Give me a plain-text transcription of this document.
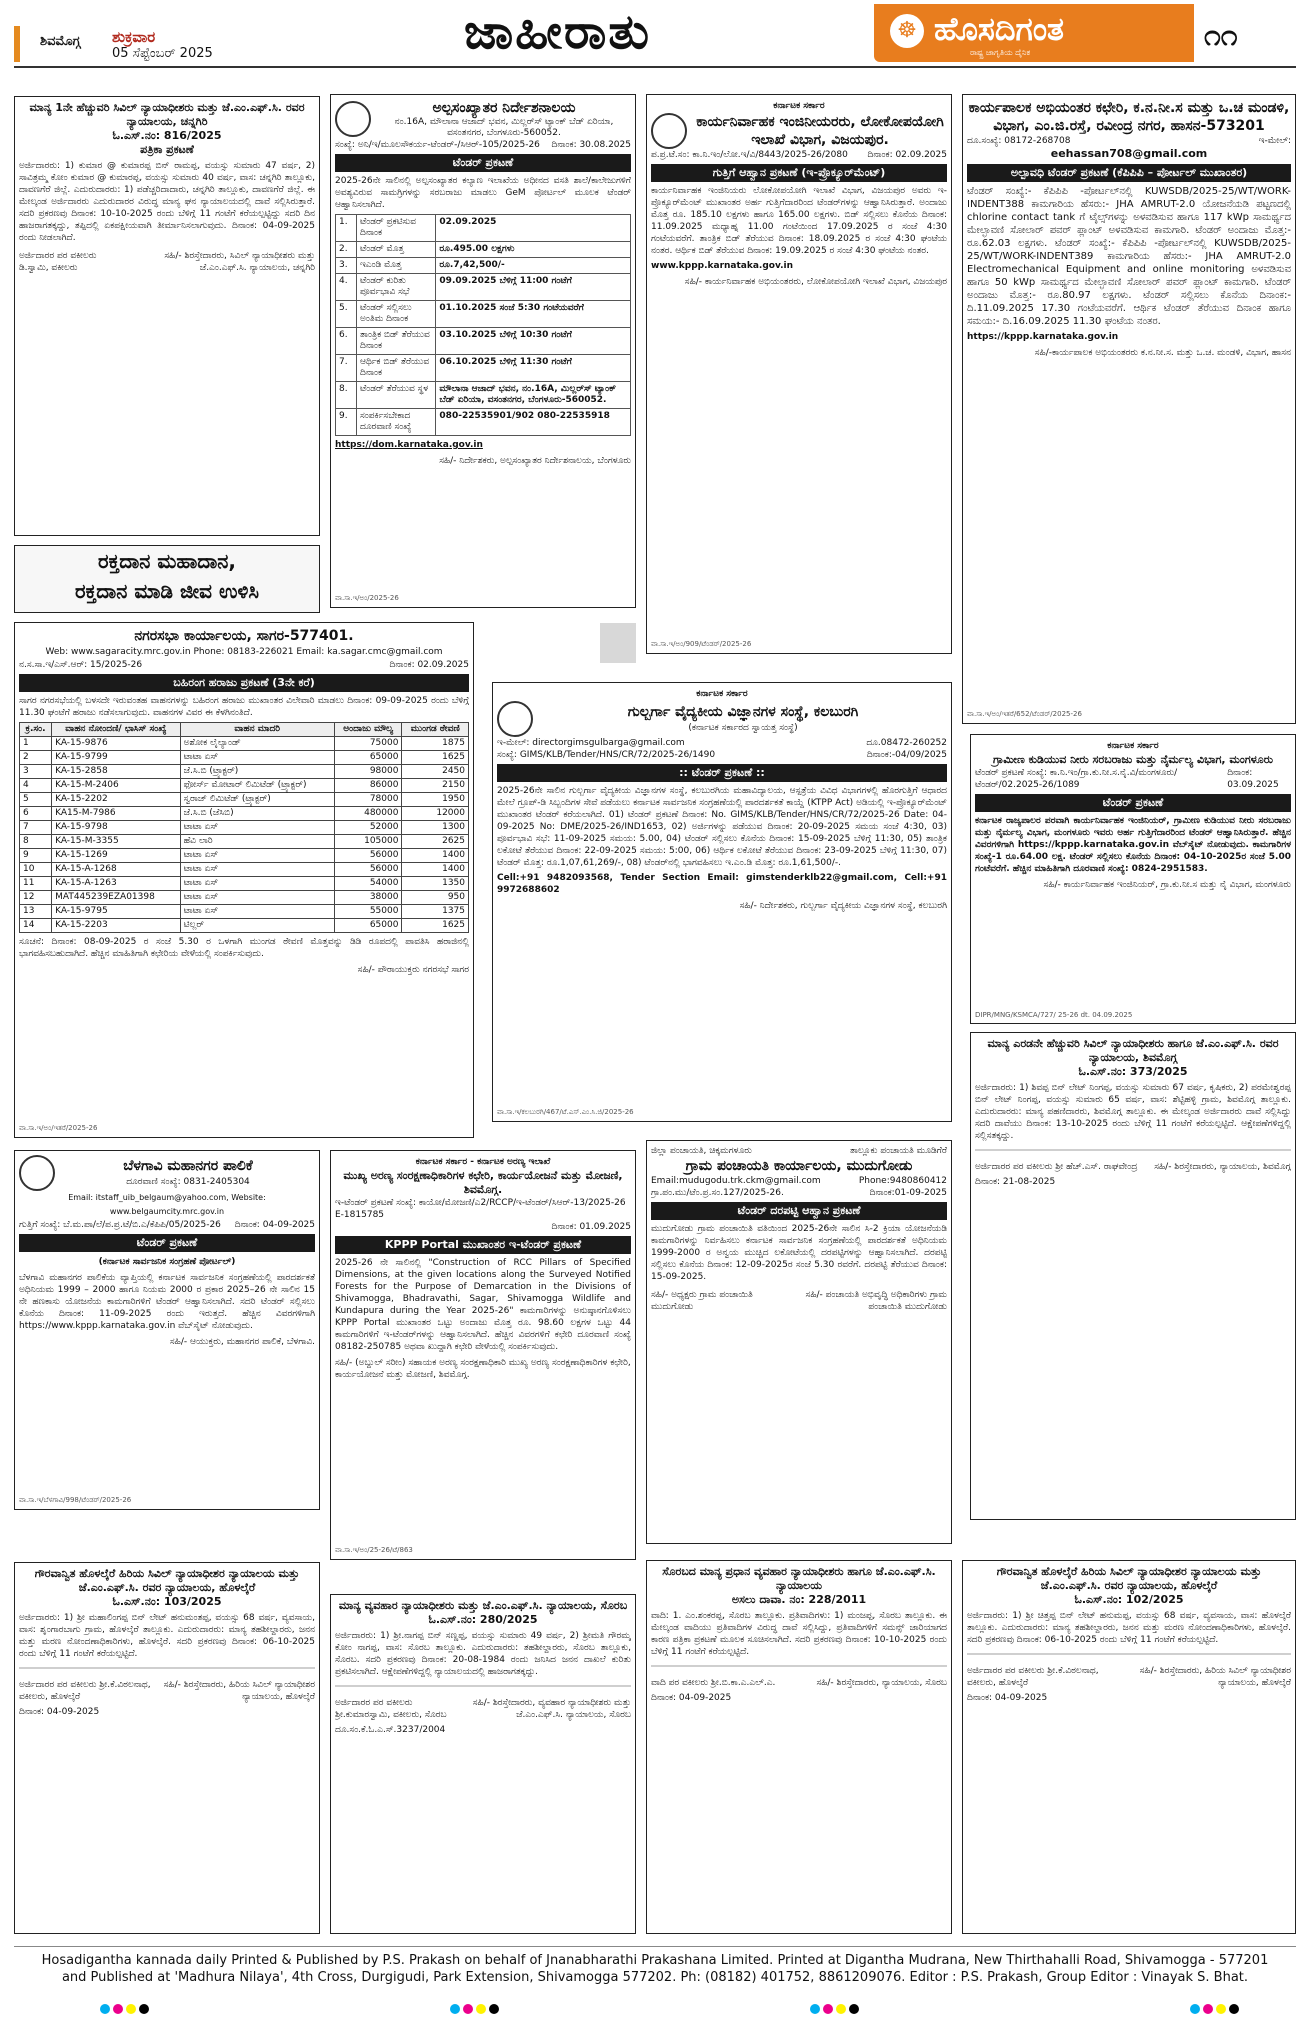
ಶಿವಮೊಗ್ಗ ಶುಕ್ರವಾರ
05 ಸೆಪ್ಟೆಂಬರ್ 2025	ಜಾಹೀರಾತು	☸ ಹೊಸದಿಗಂತ
ರಾಷ್ಟ್ರ ಜಾಗೃತಿಯ ದೈನಿಕ	೧೧
ಮಾನ್ಯ 1ನೇ ಹೆಚ್ಚುವರಿ ಸಿವಿಲ್ ನ್ಯಾಯಾಧೀಶರು ಮತ್ತು ಜೆ.ಎಂ.ಎಫ್.ಸಿ. ರವರ ನ್ಯಾಯಾಲಯ, ಚನ್ನಗಿರಿ
ಓ.ಎಸ್.ನಂ: 816/2025
ಪತ್ರಿಕಾ ಪ್ರಕಟಣೆ
ಅರ್ಜಿದಾರರು: 1) ಕುಮಾರ @ ಕುಮಾರಪ್ಪ ಬಿನ್ ರಾಮಪ್ಪ, ವಯಸ್ಸು ಸುಮಾರು 47 ವರ್ಷ, 2) ಸಾವಿತ್ರಮ್ಮ ಕೋಂ ಕುಮಾರ @ ಕುಮಾರಪ್ಪ, ವಯಸ್ಸು ಸುಮಾರು 40 ವರ್ಷ, ವಾಸ: ಚನ್ನಗಿರಿ ತಾಲ್ಲೂಕು, ದಾವಣಗೆರೆ ಜಿಲ್ಲೆ. ಎದುರುದಾರರು: 1) ಪಡೆಚ್ಚರಿದಾದಾರು, ಚನ್ನಗಿರಿ ತಾಲ್ಲೂಕು, ದಾವಣಗೆರೆ ಜಿಲ್ಲೆ. ಈ ಮೇಲ್ಕಂಡ ಅರ್ಜಿದಾರರು ಎದುರುದಾರರ ವಿರುದ್ಧ ಮಾನ್ಯ ಘನ ನ್ಯಾಯಾಲಯದಲ್ಲಿ ದಾವೆ ಸಲ್ಲಿಸಿರುತ್ತಾರೆ. ಸದರಿ ಪ್ರಕರಣವು ದಿನಾಂಕ: 10-10-2025 ರಂದು ಬೆಳಿಗ್ಗೆ 11 ಗಂಟೆಗೆ ಕರೆಯಲ್ಪಟ್ಟಿದ್ದು ಸದರಿ ದಿನ ಹಾಜರಾಗತಕ್ಕದ್ದು, ತಪ್ಪಿದಲ್ಲಿ ಏಕಪಕ್ಷೀಯವಾಗಿ ತೀರ್ಮಾನಿಸಲಾಗುವುದು. ದಿನಾಂಕ: 04-09-2025 ರಂದು ನೀಡಲಾಗಿದೆ.
ಅರ್ಜಿದಾರರ ಪರ ವಕೀಲರು ಡಿ.ಸ್ವಾಮಿ, ವಕೀಲರು
ಸಹಿ/- ಶಿರಸ್ತೇದಾರರು, ಸಿವಿಲ್ ನ್ಯಾಯಾಧೀಶರು ಮತ್ತು ಜೆ.ಎಂ.ಎಫ್.ಸಿ. ನ್ಯಾಯಾಲಯ, ಚನ್ನಗಿರಿ
ರಕ್ತದಾನ ಮಹಾದಾನ,
ರಕ್ತದಾನ ಮಾಡಿ ಜೀವ ಉಳಿಸಿ
ಅಲ್ಪಸಂಖ್ಯಾತರ ನಿರ್ದೇಶನಾಲಯ
ನಂ.16A, ಮೌಲಾನಾ ಆಜಾದ್ ಭವನ, ಮಿಲ್ಲರ್‌ಸ್ ಟ್ಯಾಂಕ್ ಬೆಡ್ ಏರಿಯಾ, ವಸಂತನಗರ, ಬೆಂಗಳೂರು-560052.
ಸಂಖ್ಯೆ: ಅನಿ/ಇ/ಮೂಲಸೌಕರ್ಯ-ಟೆಂಡರ್-/ಸಿಆರ್-105/2025-26 ದಿನಾಂಕ: 30.08.2025
ಟೆಂಡರ್ ಪ್ರಕಟಣೆ
2025-26ನೇ ಸಾಲಿನಲ್ಲಿ ಅಲ್ಪಸಂಖ್ಯಾತರ ಕಲ್ಯಾಣ ಇಲಾಖೆಯ ಅಧೀನದ ವಸತಿ ಶಾಲೆ/ಕಾಲೇಜುಗಳಿಗೆ ಅವಶ್ಯವಿರುವ ಸಾಮಗ್ರಿಗಳನ್ನು ಸರಬರಾಜು ಮಾಡಲು GeM ಪೋರ್ಟಲ್ ಮೂಲಕ ಟೆಂಡರ್ ಆಹ್ವಾನಿಸಲಾಗಿದೆ.
1.	ಟೆಂಡರ್ ಪ್ರಕಟಿಸುವ ದಿನಾಂಕ	02.09.2025
2.	ಟೆಂಡರ್ ಮೊತ್ತ	ರೂ.495.00 ಲಕ್ಷಗಳು
3.	ಇಎಂಡಿ ಮೊತ್ತ	ರೂ.7,42,500/-
4.	ಟೆಂಡರ್ ಕುರಿತು ಪೂರ್ವಭಾವಿ ಸಭೆ	09.09.2025 ಬೆಳಿಗ್ಗೆ 11:00 ಗಂಟೆಗೆ
5.	ಟೆಂಡರ್ ಸಲ್ಲಿಸಲು ಅಂತಿಮ ದಿನಾಂಕ	01.10.2025 ಸಂಜೆ 5:30 ಗಂಟೆಯವರೆಗೆ
6.	ತಾಂತ್ರಿಕ ಬಿಡ್ ತೆರೆಯುವ ದಿನಾಂಕ	03.10.2025 ಬೆಳಿಗ್ಗೆ 10:30 ಗಂಟೆಗೆ
7.	ಆರ್ಥಿಕ ಬಿಡ್ ತೆರೆಯುವ ದಿನಾಂಕ	06.10.2025 ಬೆಳಿಗ್ಗೆ 11:30 ಗಂಟೆಗೆ
8.	ಟೆಂಡರ್ ತೆರೆಯುವ ಸ್ಥಳ	ಮೌಲಾನಾ ಆಜಾದ್ ಭವನ, ನಂ.16A, ಮಿಲ್ಲರ್‌ಸ್ ಟ್ಯಾಂಕ್ ಬೆಡ್ ಏರಿಯಾ, ವಸಂತನಗರ, ಬೆಂಗಳೂರು-560052.
9.	ಸಂಪರ್ಕಿಸಬೇಕಾದ ದೂರವಾಣಿ ಸಂಖ್ಯೆ	080-22535901/902 080-22535918
https://dom.karnataka.gov.in
ಸಹಿ/- ನಿರ್ದೇಶಕರು, ಅಲ್ಪಸಂಖ್ಯಾತರ ನಿರ್ದೇಶನಾಲಯ, ಬೆಂಗಳೂರು
ವಾ.ಸಾ.ಇ/ಅಂ/2025-26
ಕರ್ನಾಟಕ ಸರ್ಕಾರ
ಕಾರ್ಯನಿರ್ವಾಹಕ ಇಂಜಿನೀಯರರು, ಲೋಕೋಪಯೋಗಿ ಇಲಾಖೆ ವಿಭಾಗ, ವಿಜಯಪುರ.
ಪ.ಪ್ರ.ಟೆ.ಸಂ: ಕಾ.ನಿ.ಇಂ/ಲೋ.ಇ/ವಿ/8443/2025-26/2080 ದಿನಾಂಕ: 02.09.2025
ಗುತ್ತಿಗೆ ಆಹ್ವಾನ ಪ್ರಕಟಣೆ (ಇ-ಪ್ರೊಕ್ಯೂರ್‌ಮೆಂಟ್)
ಕಾರ್ಯನಿರ್ವಾಹಕ ಇಂಜಿನಿಯರು ಲೋಕೋಪಯೋಗಿ ಇಲಾಖೆ ವಿಭಾಗ, ವಿಜಯಪುರ ಅವರು ಇ-ಪ್ರೊಕ್ಯೂರ್‌ಮೆಂಟ್ ಮುಖಾಂತರ ಅರ್ಹ ಗುತ್ತಿಗೆದಾರರಿಂದ ಟೆಂಡರ್‌ಗಳನ್ನು ಆಹ್ವಾನಿಸಿರುತ್ತಾರೆ. ಅಂದಾಜು ಮೊತ್ತ ರೂ. 185.10 ಲಕ್ಷಗಳು ಹಾಗೂ 165.00 ಲಕ್ಷಗಳು. ಬಿಡ್ ಸಲ್ಲಿಸಲು ಕೊನೆಯ ದಿನಾಂಕ: 11.09.2025 ಮಧ್ಯಾಹ್ನ 11.00 ಗಂಟೆಯಿಂದ 17.09.2025 ರ ಸಂಜೆ 4:30 ಗಂಟೆಯವರೆಗೆ. ತಾಂತ್ರಿಕ ಬಿಡ್ ತೆರೆಯುವ ದಿನಾಂಕ: 18.09.2025 ರ ಸಂಜೆ 4:30 ಘಂಟೆಯ ನಂತರ. ಆರ್ಥಿಕ ಬಿಡ್ ತೆರೆಯುವ ದಿನಾಂಕ: 19.09.2025 ರ ಸಂಜೆ 4:30 ಘಂಟೆಯ ನಂತರ.
www.kppp.karnataka.gov.in
ಸಹಿ/- ಕಾರ್ಯನಿರ್ವಾಹಕ ಅಭಿಯಂತರರು, ಲೋಕೋಪಯೋಗಿ ಇಲಾಖೆ ವಿಭಾಗ, ವಿಜಯಪುರ
ವಾ.ಸಾ.ಇ/ಅಂ/909/ಟೆಂಡರ್/2025-26
ಕಾರ್ಯಪಾಲಕ ಅಭಿಯಂತರ ಕಛೇರಿ, ಕ.ನ.ನೀ.ಸ ಮತ್ತು ಒ.ಚ ಮಂಡಳಿ, ವಿಭಾಗ, ಎಂ.ಜಿ.ರಸ್ತೆ, ರವೀಂದ್ರ ನಗರ, ಹಾಸನ-573201
ದೂ.ಸಂಖ್ಯೆ: 08172-268708	ಇ-ಮೇಲ್:
eehassan708@gmail.com
ಅಲ್ಪಾವಧಿ ಟೆಂಡರ್ ಪ್ರಕಟಣೆ (ಕೆಪಿಪಿಪಿ – ಪೋರ್ಟಲ್ ಮುಖಾಂತರ)
ಟೆಂಡರ್ ಸಂಖ್ಯೆ:- ಕೆಪಿಪಿಪಿ -ಪೋರ್ಟಲ್‌ನಲ್ಲಿ KUWSDB/2025-25/WT/WORK-INDENT388 ಕಾಮಗಾರಿಯ ಹೆಸರು:- JHA AMRUT-2.0 ಯೋಜನೆಯಡಿ ಪಟ್ಟಣದಲ್ಲಿ chlorine contact tank ಗೆ ಟೈಲ್ಸ್‌ಗಳನ್ನು ಅಳವಡಿಸುವ ಹಾಗೂ 117 kWp ಸಾಮರ್ಥ್ಯದ ಮೇಲ್ಛಾವಣಿ ಸೋಲಾರ್ ಪವರ್ ಪ್ಲಾಂಟ್ ಅಳವಡಿಸುವ ಕಾಮಗಾರಿ. ಟೆಂಡರ್ ಅಂದಾಜು ಮೊತ್ತ:- ರೂ.62.03 ಲಕ್ಷಗಳು. ಟೆಂಡರ್ ಸಂಖ್ಯೆ:- ಕೆಪಿಪಿಪಿ -ಪೋರ್ಟಲ್‌ನಲ್ಲಿ KUWSDB/2025-25/WT/WORK-INDENT389 ಕಾಮಗಾರಿಯ ಹೆಸರು:- JHA AMRUT-2.0 Electromechanical Equipment and online monitoring ಅಳವಡಿಸುವ ಹಾಗೂ 50 kWp ಸಾಮರ್ಥ್ಯದ ಮೇಲ್ಛಾವಣಿ ಸೋಲಾರ್ ಪವರ್ ಪ್ಲಾಂಟ್ ಕಾಮಗಾರಿ. ಟೆಂಡರ್ ಅಂದಾಜು ಮೊತ್ತ:- ರೂ.80.97 ಲಕ್ಷಗಳು. ಟೆಂಡರ್ ಸಲ್ಲಿಸಲು ಕೊನೆಯ ದಿನಾಂಕ:- ದಿ.11.09.2025 17.30 ಗಂಟೆಯವರೆಗೆ. ಆರ್ಥಿಕ ಟೆಂಡರ್ ತೆರೆಯುವ ದಿನಾಂಕ ಹಾಗೂ ಸಮಯ:- ದಿ.16.09.2025 11.30 ಘಂಟೆಯ ನಂತರ.
https://kppp.karnataka.gov.in
ಸಹಿ/-ಕಾರ್ಯಪಾಲಕ ಅಭಿಯಂತರರು ಕ.ನ.ನೀ.ಸ. ಮತ್ತು ಒ.ಚ. ಮಂಡಳಿ, ವಿಭಾಗ, ಹಾಸನ
ವಾ.ಸಾ.ಇ/ಅಂ/ಇತರೆ/652/ಟೆಂಡರ್/2025-26
ನಗರಸಭಾ ಕಾರ್ಯಾಲಯ, ಸಾಗರ-577401.
Web: www.sagaracity.mrc.gov.in Phone: 08183-226021 Email: ka.sagar.cmc@gmail.com
ನ.ಸ.ಸಾ.ಇ/ಎಸ್.ಆರ್: 15/2025-26	ದಿನಾಂಕ: 02.09.2025
ಬಹಿರಂಗ ಹರಾಜು ಪ್ರಕಟಣೆ (3ನೇ ಕರೆ)
ಸಾಗರ ನಗರಸಭೆಯಲ್ಲಿ ಬಳಸದೇ ಇರುವಂತಹ ವಾಹನಗಳನ್ನು ಬಹಿರಂಗ ಹರಾಜು ಮುಖಾಂತರ ವಿಲೇವಾರಿ ಮಾಡಲು ದಿನಾಂಕ: 09-09-2025 ರಂದು ಬೆಳಿಗ್ಗೆ 11.30 ಘಂಟೆಗೆ ಹರಾಜು ನಡೆಸಲಾಗುವುದು. ವಾಹನಗಳ ವಿವರ ಈ ಕೆಳಗಿನಂತಿದೆ.
ಕ್ರ.ಸಂ.	ವಾಹನ ನೋಂದಣಿ/ ಛಾಸಿಸ್ ಸಂಖ್ಯೆ	ವಾಹನ ಮಾದರಿ	ಅಂದಾಜು ಮೌಲ್ಯ	ಮುಂಗಡ ಠೇವಣಿ
1	KA-15-9876	ಅಶೋಕ ಲೈಲ್ಯಾಂಡ್	75000	1875
2	KA-15-9799	ಟಾಟಾ ಏಸ್	65000	1625
3	KA-15-2858	ಜೆ.ಸಿ.ಬಿ (ಟ್ರ್ಯಾಕ್ಟರ್)	98000	2450
4	KA-15-M-2406	ಫೋರ್ಸ್ ಮೋಟಾರ್ ಲಿಮಿಟೆಡ್ (ಟ್ರ್ಯಾಕ್ಟರ್)	86000	2150
5	KA-15-2202	ಸ್ವರಾಜ್ ಲಿಮಿಟೆಡ್ (ಟ್ರ್ಯಾಕ್ಟರ್)	78000	1950
6	KA15-M-7986	ಜೆ.ಸಿ.ಬಿ (ಜೆಸಿಬಿ)	480000	12000
7	KA-15-9798	ಟಾಟಾ ಏಸ್	52000	1300
8	KA-15-M-3355	ಹೆವಿ ಲಾರಿ	105000	2625
9	KA-15-1269	ಟಾಟಾ ಏಸ್	56000	1400
10	KA-15-A-1268	ಟಾಟಾ ಏಸ್	56000	1400
11	KA-15-A-1263	ಟಾಟಾ ಏಸ್	54000	1350
12	MAT445239EZA01398	ಟಾಟಾ ಏಸ್	38000	950
13	KA-15-9795	ಟಾಟಾ ಏಸ್	55000	1375
14	KA-15-2203	ಟಿಲ್ಲರ್	65000	1625
ಸೂಚನೆ: ದಿನಾಂಕ: 08-09-2025 ರ ಸಂಜೆ 5.30 ರ ಒಳಗಾಗಿ ಮುಂಗಡ ಠೇವಣಿ ಮೊತ್ತವನ್ನು ಡಿಡಿ ರೂಪದಲ್ಲಿ ಪಾವತಿಸಿ ಹರಾಜಿನಲ್ಲಿ ಭಾಗವಹಿಸಬಹುದಾಗಿದೆ. ಹೆಚ್ಚಿನ ಮಾಹಿತಿಗಾಗಿ ಕಛೇರಿಯ ವೇಳೆಯಲ್ಲಿ ಸಂಪರ್ಕಿಸುವುದು.
ಸಹಿ/- ಪೌರಾಯುಕ್ತರು ನಗರಸಭೆ ಸಾಗರ
ವಾ.ಸಾ.ಇ/ಅಂ/ಇತರೆ/2025-26
ಕರ್ನಾಟಕ ಸರ್ಕಾರ
ಗುಲ್ಬರ್ಗಾ ವೈದ್ಯಕೀಯ ವಿಜ್ಞಾನಗಳ ಸಂಸ್ಥೆ, ಕಲಬುರಗಿ
(ಕರ್ನಾಟಕ ಸರ್ಕಾರದ ಸ್ವಾಯತ್ತ ಸಂಸ್ಥೆ)
ಇ-ಮೇಲ್: directorgimsgulbarga@gmail.com	ದೂ.08472-260252
ಸಂಖ್ಯೆ: GIMS/KLB/Tender/HNS/CR/72/2025-26/1490	ದಿನಾಂಕ:-04/09/2025
:: ಟೆಂಡರ್ ಪ್ರಕಟಣೆ ::
2025-26ನೇ ಸಾಲಿನ ಗುಲ್ಬರ್ಗಾ ವೈದ್ಯಕೀಯ ವಿಜ್ಞಾನಗಳ ಸಂಸ್ಥೆ, ಕಲಬುರಗಿಯ ಮಹಾವಿದ್ಯಾಲಯ, ಆಸ್ಪತ್ರೆಯ ವಿವಿಧ ವಿಭಾಗಗಳಲ್ಲಿ ಹೊರಗುತ್ತಿಗೆ ಆಧಾರದ ಮೇಲೆ ಗ್ರೂಪ್-ಡಿ ಸಿಬ್ಬಂದಿಗಳ ಸೇವೆ ಪಡೆಯಲು ಕರ್ನಾಟಕ ಸಾರ್ವಜನಿಕ ಸಂಗ್ರಹಣೆಯಲ್ಲಿ ಪಾರದರ್ಶಕತೆ ಕಾಯ್ದೆ (KTPP Act) ಅಡಿಯಲ್ಲಿ ಇ-ಪ್ರೊಕ್ಯೂರ್‌ಮೆಂಟ್ ಮುಖಾಂತರ ಟೆಂಡರ್ ಕರೆಯಲಾಗಿದೆ. 01) ಟೆಂಡರ್ ಪ್ರಕಟಣೆ ದಿನಾಂಕ: No. GIMS/KLB/Tender/HNS/CR/72/2025-26 Date: 04-09-2025 No: DME/2025-26/IND1653, 02) ಅರ್ಜಿಗಳನ್ನು ಪಡೆಯುವ ದಿನಾಂಕ: 20-09-2025 ಸಮಯ ಸಂಜೆ 4:30, 03) ಪೂರ್ವಭಾವಿ ಸಭೆ: 11-09-2025 ಸಮಯ: 5.00, 04) ಟೆಂಡರ್ ಸಲ್ಲಿಸಲು ಕೊನೆಯ ದಿನಾಂಕ: 15-09-2025 ಬೆಳಿಗ್ಗೆ 11:30, 05) ತಾಂತ್ರಿಕ ಲಕೋಟೆ ತೆರೆಯುವ ದಿನಾಂಕ: 22-09-2025 ಸಮಯ: 5:00, 06) ಆರ್ಥಿಕ ಲಕೋಟೆ ತೆರೆಯುವ ದಿನಾಂಕ: 23-09-2025 ಬೆಳಿಗ್ಗೆ 11:30, 07) ಟೆಂಡರ್ ಮೊತ್ತ: ರೂ.1,07,61,269/-, 08) ಟೆಂಡರ್‌ನಲ್ಲಿ ಭಾಗವಹಿಸಲು ಇ.ಎಂ.ಡಿ ಮೊತ್ತ: ರೂ.1,61,500/-.
Cell:+91 9482093568, Tender Section Email: gimstenderklb22@gmail.com, Cell:+91 9972688602
ಸಹಿ/- ನಿರ್ದೇಶಕರು, ಗುಲ್ಬರ್ಗಾ ವೈದ್ಯಕೀಯ ವಿಜ್ಞಾನಗಳ ಸಂಸ್ಥೆ, ಕಲಬುರಗಿ
ವಾ.ಸಾ.ಇ/ಕಲಬುರಗಿ/467/ಟೆ.ಎಸ್.ಎಂ.ಸಿ.ಜಿ/2025-26
ಕರ್ನಾಟಕ ಸರ್ಕಾರ
ಗ್ರಾಮೀಣ ಕುಡಿಯುವ ನೀರು ಸರಬರಾಜು ಮತ್ತು ನೈರ್ಮಲ್ಯ ವಿಭಾಗ, ಮಂಗಳೂರು
ಟೆಂಡರ್ ಪ್ರಕಟಣೆ ಸಂಖ್ಯೆ: ಕಾ.ನಿ.ಇಂ/ಗ್ರಾ.ಕು.ನೀ.ಸ.ನೈ.ವಿ/ಮಂಗಳೂರು/ಟೆಂಡರ್/02.2025-26/1089
ದಿನಾಂಕ: 03.09.2025
ಟೆಂಡರ್ ಪ್ರಕಟಣೆ
ಕರ್ನಾಟಕ ರಾಜ್ಯಪಾಲರ ಪರವಾಗಿ ಕಾರ್ಯನಿರ್ವಾಹಕ ಇಂಜಿನಿಯರ್, ಗ್ರಾಮೀಣ ಕುಡಿಯುವ ನೀರು ಸರಬರಾಜು ಮತ್ತು ನೈರ್ಮಲ್ಯ ವಿಭಾಗ, ಮಂಗಳೂರು ಇವರು ಅರ್ಹ ಗುತ್ತಿಗೆದಾರರಿಂದ ಟೆಂಡರ್ ಆಹ್ವಾನಿಸಿರುತ್ತಾರೆ. ಹೆಚ್ಚಿನ ವಿವರಗಳಿಗಾಗಿ https://kppp.karnataka.gov.in ವೆಬ್‌ಸೈಟ್ ನೋಡುವುದು. ಕಾಮಗಾರಿಗಳ ಸಂಖ್ಯೆ-1 ರೂ.64.00 ಲಕ್ಷ. ಟೆಂಡರ್ ಸಲ್ಲಿಸಲು ಕೊನೆಯ ದಿನಾಂಕ: 04-10-2025ರ ಸಂಜೆ 5.00 ಗಂಟೆವರೆಗೆ. ಹೆಚ್ಚಿನ ಮಾಹಿತಿಗಾಗಿ ದೂರವಾಣಿ ಸಂಖ್ಯೆ: 0824-2951583.
ಸಹಿ/- ಕಾರ್ಯನಿರ್ವಾಹಕ ಇಂಜಿನಿಯರ್, ಗ್ರಾ.ಕು.ನೀ.ಸ ಮತ್ತು ನೈ ವಿಭಾಗ, ಮಂಗಳೂರು
DIPR/MNG/KSMCA/727/ 25-26 dt. 04.09.2025
ಮಾನ್ಯ ಎರಡನೇ ಹೆಚ್ಚುವರಿ ಸಿವಿಲ್ ನ್ಯಾಯಾಧೀಶರು ಹಾಗೂ ಜೆ.ಎಂ.ಎಫ್.ಸಿ. ರವರ ನ್ಯಾಯಾಲಯ, ಶಿವಮೊಗ್ಗ
ಓ.ಎಸ್.ನಂ: 373/2025
ಅರ್ಜಿದಾರರು: 1) ಶಿವಪ್ಪ ಬಿನ್ ಲೇಟ್ ನಿಂಗಪ್ಪ, ವಯಸ್ಸು ಸುಮಾರು 67 ವರ್ಷ, ಕೃಷಿಕರು, 2) ಪರಮೇಶ್ವರಪ್ಪ ಬಿನ್ ಲೇಟ್ ನಿಂಗಪ್ಪ, ವಯಸ್ಸು ಸುಮಾರು 65 ವರ್ಷ, ವಾಸ: ಶೆಟ್ಟಿಹಳ್ಳಿ ಗ್ರಾಮ, ಶಿವಮೊಗ್ಗ ತಾಲ್ಲೂಕು. ಎದುರುದಾರರು: ಮಾನ್ಯ ಪಹಣಿದಾರರು, ಶಿವಮೊಗ್ಗ ತಾಲ್ಲೂಕು. ಈ ಮೇಲ್ಕಂಡ ಅರ್ಜಿದಾರರು ದಾವೆ ಸಲ್ಲಿಸಿದ್ದು ಸದರಿ ದಾವೆಯು ದಿನಾಂಕ: 13-10-2025 ರಂದು ಬೆಳಿಗ್ಗೆ 11 ಗಂಟೆಗೆ ಕರೆಯಲ್ಪಟ್ಟಿದೆ. ಆಕ್ಷೇಪಣೆಗಳಿದ್ದಲ್ಲಿ ಸಲ್ಲಿಸತಕ್ಕದ್ದು.
ಅರ್ಜಿದಾರರ ಪರ ವಕೀಲರು ಶ್ರೀ ಹೆಚ್.ಎಸ್. ರಾಘವೇಂದ್ರ ಸಹಿ/- ಶಿರಸ್ತೇದಾರರು, ನ್ಯಾಯಾಲಯ, ಶಿವಮೊಗ್ಗ
ದಿನಾಂಕ: 21-08-2025
ಬೆಳಗಾವಿ ಮಹಾನಗರ ಪಾಲಿಕೆ
ದೂರವಾಣಿ ಸಂಖ್ಯೆ: 0831-2405304
Email: itstaff_uib_belgaum@yahoo.com, Website: www.belgaumcity.mrc.gov.in
ಗುತ್ತಿಗೆ ಸಂಖ್ಯೆ: ಬೆ.ಮ.ಪಾ/ಲೆ/ಪ.ಪ್ರ.ಟೆ/ಬಿ.ಎ/ಕೆಪಿಪಿ/05/2025-26 ದಿನಾಂಕ: 04-09-2025
ಟೆಂಡರ್ ಪ್ರಕಟಣೆ
(ಕರ್ನಾಟಕ ಸಾರ್ವಜನಿಕ ಸಂಗ್ರಹಣೆ ಪೋರ್ಟಲ್)
ಬೆಳಗಾವಿ ಮಹಾನಗರ ಪಾಲಿಕೆಯ ವ್ಯಾಪ್ತಿಯಲ್ಲಿ ಕರ್ನಾಟಕ ಸಾರ್ವಜನಿಕ ಸಂಗ್ರಹಣೆಯಲ್ಲಿ ಪಾರದರ್ಶಕತೆ ಅಧಿನಿಯಮ 1999 – 2000 ಹಾಗೂ ನಿಯಮ 2000 ರ ಪ್ರಕಾರ 2025–26 ನೇ ಸಾಲಿನ 15 ನೇ ಹಣಕಾಸು ಯೋಜನೆಯ ಕಾಮಗಾರಿಗಳಿಗೆ ಟೆಂಡರ್ ಆಹ್ವಾನಿಸಲಾಗಿದೆ. ಸದರಿ ಟೆಂಡರ್ ಸಲ್ಲಿಸಲು ಕೊನೆಯ ದಿನಾಂಕ: 11-09-2025 ರಂದು ಇರುತ್ತದೆ. ಹೆಚ್ಚಿನ ವಿವರಗಳಿಗಾಗಿ https://www.kppp.karnataka.gov.in ವೆಬ್‌ಸೈಟ್ ನೋಡುವುದು.
ಸಹಿ/- ಆಯುಕ್ತರು, ಮಹಾನಗರ ಪಾಲಿಕೆ, ಬೆಳಗಾವಿ.
ವಾ.ಸಾ.ಇ/ಬೆಳಗಾವಿ/998/ಟೆಂಡರ್/2025-26
ಕರ್ನಾಟಕ ಸರ್ಕಾರ - ಕರ್ನಾಟಕ ಅರಣ್ಯ ಇಲಾಖೆ
ಮುಖ್ಯ ಅರಣ್ಯ ಸಂರಕ್ಷಣಾಧಿಕಾರಿಗಳ ಕಛೇರಿ, ಕಾರ್ಯಯೋಜನೆ ಮತ್ತು ಮೋಜಣಿ, ಶಿವಮೊಗ್ಗ.
ಇ-ಟೆಂಡರ್ ಪ್ರಕಟಣೆ ಸಂಖ್ಯೆ: ಕಾಯೋ/ಮೋಜಣಿ/ಎ2/RCCP/ಇ-ಟೆಂಡರ್/ಸಿಆರ್-13/2025-26 E-1815785
ದಿನಾಂಕ: 01.09.2025
KPPP Portal ಮುಖಾಂತರ ಇ-ಟೆಂಡರ್ ಪ್ರಕಟಣೆ
2025-26 ನೇ ಸಾಲಿನಲ್ಲಿ "Construction of RCC Pillars of Specified Dimensions, at the given locations along the Surveyed Notified Forests for the Purpose of Demarcation in the Divisions of Shivamogga, Bhadravathi, Sagar, Shivamogga Wildlife and Kundapura during the Year 2025-26" ಕಾಮಗಾರಿಗಳನ್ನು ಅನುಷ್ಠಾನಗೊಳಿಸಲು KPPP Portal ಮುಖಾಂತರ ಒಟ್ಟು ಅಂದಾಜು ಮೊತ್ತ ರೂ. 98.60 ಲಕ್ಷಗಳ ಒಟ್ಟು 44 ಕಾಮಗಾರಿಗಳಿಗೆ ಇ-ಟೆಂಡರ್‌ಗಳನ್ನು ಆಹ್ವಾನಿಸಲಾಗಿದೆ. ಹೆಚ್ಚಿನ ವಿವರಗಳಿಗೆ ಕಛೇರಿ ದೂರವಾಣಿ ಸಂಖ್ಯೆ 08182-250785 ಅಥವಾ ಖುದ್ದಾಗಿ ಕಛೇರಿ ವೇಳೆಯಲ್ಲಿ ಸಂಪರ್ಕಿಸುವುದು.
ಸಹಿ/- (ಅಬ್ದುಲ್ ಸರೀಂ) ಸಹಾಯಕ ಅರಣ್ಯ ಸಂರಕ್ಷಣಾಧಿಕಾರಿ ಮುಖ್ಯ ಅರಣ್ಯ ಸಂರಕ್ಷಣಾಧಿಕಾರಿಗಳ ಕಛೇರಿ, ಕಾರ್ಯಯೋಜನೆ ಮತ್ತು ಮೋಜಣಿ, ಶಿವಮೊಗ್ಗ.
ವಾ.ಸಾ.ಇ/ಅಂ/25-26/ಟೆ/863
ಜಿಲ್ಲಾ ಪಂಚಾಯತಿ, ಚಿಕ್ಕಮಗಳೂರು	ತಾಲ್ಲೂಕು ಪಂಚಾಯತಿ ಮೂಡಿಗೆರೆ
ಗ್ರಾಮ ಪಂಚಾಯತಿ ಕಾರ್ಯಾಲಯ, ಮುದುಗೋಡು
Email:mudugodu.trk.ckm@gmail.com	Phone:9480860412
ಗ್ರಾ.ಪಂ.ಮು/ಟೆಂ.ಪ್ರ.ಸಂ.127/2025-26.	ದಿನಾಂಕ:01-09-2025
ಟೆಂಡರ್ ದರಪಟ್ಟಿ ಆಹ್ವಾನ ಪ್ರಕಟಣೆ
ಮುದುಗೋಡು ಗ್ರಾಮ ಪಂಚಾಯಿತಿ ವತಿಯಿಂದ 2025-26ನೇ ಸಾಲಿನ ಸಿ-2 ಕ್ರಿಯಾ ಯೋಜನೆಯಡಿ ಕಾಮಗಾರಿಗಳನ್ನು ನಿರ್ವಹಿಸಲು ಕರ್ನಾಟಕ ಸಾರ್ವಜನಿಕ ಸಂಗ್ರಹಣೆಯಲ್ಲಿ ಪಾರದರ್ಶಕತೆ ಅಧಿನಿಯಮ 1999-2000 ರ ಅನ್ವಯ ಮುಚ್ಚಿದ ಲಕೋಟೆಯಲ್ಲಿ ದರಪಟ್ಟಿಗಳನ್ನು ಆಹ್ವಾನಿಸಲಾಗಿದೆ. ದರಪಟ್ಟಿ ಸಲ್ಲಿಸಲು ಕೊನೆಯ ದಿನಾಂಕ: 12-09-2025ರ ಸಂಜೆ 5.30 ರವರೆಗೆ. ದರಪಟ್ಟಿ ತೆರೆಯುವ ದಿನಾಂಕ: 15-09-2025.
ಸಹಿ/- ಅಧ್ಯಕ್ಷರು ಗ್ರಾಮ ಪಂಚಾಯಿತಿ ಮುದುಗೋಡು
ಸಹಿ/- ಪಂಚಾಯತಿ ಅಭಿವೃದ್ಧಿ ಅಧಿಕಾರಿಗಳು ಗ್ರಾಮ ಪಂಚಾಯಿತಿ ಮುದುಗೋಡು
ಗೌರವಾನ್ವಿತ ಹೊಳಲ್ಕೆರೆ ಹಿರಿಯ ಸಿವಿಲ್ ನ್ಯಾಯಾಧೀಶರ ನ್ಯಾಯಾಲಯ ಮತ್ತು ಜೆ.ಎಂ.ಎಫ್.ಸಿ. ರವರ ನ್ಯಾಯಾಲಯ, ಹೊಳಲ್ಕೆರೆ
ಓ.ಎಸ್.ನಂ: 103/2025
ಅರ್ಜಿದಾರರು: 1) ಶ್ರೀ ಮಹಾಲಿಂಗಪ್ಪ ಬಿನ್ ಲೇಟ್ ಹನುಮಂತಪ್ಪ, ವಯಸ್ಸು 68 ವರ್ಷ, ವ್ಯವಸಾಯ, ವಾಸ: ಶೃಂಗಾರಬಾಗು ಗ್ರಾಮ, ಹೊಳಲ್ಕೆರೆ ತಾಲ್ಲೂಕು. ಎದುರುದಾರರು: ಮಾನ್ಯ ತಹಶೀಲ್ದಾರರು, ಜನನ ಮತ್ತು ಮರಣ ನೋಂದಣಾಧಿಕಾರಿಗಳು, ಹೊಳಲ್ಕೆರೆ. ಸದರಿ ಪ್ರಕರಣವು ದಿನಾಂಕ: 06-10-2025 ರಂದು ಬೆಳಿಗ್ಗೆ 11 ಗಂಟೆಗೆ ಕರೆಯಲ್ಪಟ್ಟಿದೆ.
ಅರ್ಜಿದಾರರ ಪರ ವಕೀಲರು ಶ್ರೀ.ಕೆ.ವಿಠಲನಾಥ, ವಕೀಲರು, ಹೊಳಲ್ಕೆರೆ
ಸಹಿ/- ಶಿರಸ್ತೇದಾರರು, ಹಿರಿಯ ಸಿವಿಲ್ ನ್ಯಾಯಾಧೀಶರ ನ್ಯಾಯಾಲಯ, ಹೊಳಲ್ಕೆರೆ
ದಿನಾಂಕ: 04-09-2025
ಮಾನ್ಯ ವ್ಯವಹಾರ ನ್ಯಾಯಾಧೀಶರು ಮತ್ತು ಜೆ.ಎಂ.ಎಫ್.ಸಿ. ನ್ಯಾಯಾಲಯ, ಸೊರಬ
ಓ.ಎಸ್.ನಂ: 280/2025
ಅರ್ಜಿದಾರರು: 1) ಶ್ರೀ.ನಾಗಪ್ಪ ಬಿನ್ ಸಣ್ಣಪ್ಪ, ವಯಸ್ಸು ಸುಮಾರು 49 ವರ್ಷ, 2) ಶ್ರೀಮತಿ ಗೌರಮ್ಮ ಕೋಂ ನಾಗಪ್ಪ, ವಾಸ: ಸೊರಬ ತಾಲ್ಲೂಕು. ಎದುರುದಾರರು: ತಹಶೀಲ್ದಾರರು, ಸೊರಬ ತಾಲ್ಲೂಕು, ಸೊರಬ. ಸದರಿ ಪ್ರಕರಣವು ದಿನಾಂಕ: 20-08-1984 ರಂದು ಜನಿಸಿದ ಜನನ ದಾಖಲೆ ಕುರಿತು ಪ್ರಕಟಿಸಲಾಗಿದೆ. ಆಕ್ಷೇಪಣೆಗಳಿದ್ದಲ್ಲಿ ನ್ಯಾಯಾಲಯದಲ್ಲಿ ಹಾಜರಾಗತಕ್ಕದ್ದು.
ಅರ್ಜಿದಾರರ ಪರ ವಕೀಲರು ಶ್ರೀ.ಕುಮಾರಸ್ವಾಮಿ, ವಕೀಲರು, ಸೊರಬ
ಸಹಿ/- ಶಿರಸ್ತೇದಾರರು, ವ್ಯವಹಾರ ನ್ಯಾಯಾಧೀಶರು ಮತ್ತು ಜೆ.ಎಂ.ಎಫ್.ಸಿ. ನ್ಯಾಯಾಲಯ, ಸೊರಬ
ದೂ.ಸಂ.ಕೆ.ಓ.ಎ.ಸ್.3237/2004
ಸೊರಬದ ಮಾನ್ಯ ಪ್ರಧಾನ ವ್ಯವಹಾರ ನ್ಯಾಯಾಧೀಶರು ಹಾಗೂ ಜೆ.ಎಂ.ಎಫ್.ಸಿ. ನ್ಯಾಯಾಲಯ
ಅಸಲು ದಾವಾ. ನಂ: 228/2011
ವಾದಿ: 1. ಎಂ.ಶಂಕರಪ್ಪ, ಸೊರಬ ತಾಲ್ಲೂಕು. ಪ್ರತಿವಾದಿಗಳು: 1) ಮಂಜಪ್ಪ, ಸೊರಬ ತಾಲ್ಲೂಕು. ಈ ಮೇಲ್ಕಂಡ ವಾದಿಯು ಪ್ರತಿವಾದಿಗಳ ವಿರುದ್ಧ ದಾವೆ ಸಲ್ಲಿಸಿದ್ದು, ಪ್ರತಿವಾದಿಗಳಿಗೆ ಸಮನ್ಸ್ ಜಾರಿಯಾಗದ ಕಾರಣ ಪತ್ರಿಕಾ ಪ್ರಕಟಣೆ ಮೂಲಕ ಸೂಚಿಸಲಾಗಿದೆ. ಸದರಿ ಪ್ರಕರಣವು ದಿನಾಂಕ: 10-10-2025 ರಂದು ಬೆಳಿಗ್ಗೆ 11 ಗಂಟೆಗೆ ಕರೆಯಲ್ಪಟ್ಟಿದೆ.
ವಾದಿ ಪರ ವಕೀಲರು ಶ್ರೀ.ಬಿ.ಕಾ.ಎ.ಎಲ್.ಎ.	ಸಹಿ/- ಶಿರಸ್ತೇದಾರರು, ನ್ಯಾಯಾಲಯ, ಸೊರಬ
ದಿನಾಂಕ: 04-09-2025
ಗೌರವಾನ್ವಿತ ಹೊಳಲ್ಕೆರೆ ಹಿರಿಯ ಸಿವಿಲ್ ನ್ಯಾಯಾಧೀಶರ ನ್ಯಾಯಾಲಯ ಮತ್ತು ಜೆ.ಎಂ.ಎಫ್.ಸಿ. ರವರ ನ್ಯಾಯಾಲಯ, ಹೊಳಲ್ಕೆರೆ
ಓ.ಎಸ್.ನಂ: 102/2025
ಅರ್ಜಿದಾರರು: 1) ಶ್ರೀ ಚಿತ್ತಪ್ಪ ಬಿನ್ ಲೇಟ್ ಹನುಮಪ್ಪ, ವಯಸ್ಸು 68 ವರ್ಷ, ವ್ಯವಸಾಯ, ವಾಸ: ಹೊಳಲ್ಕೆರೆ ತಾಲ್ಲೂಕು. ಎದುರುದಾರರು: ಮಾನ್ಯ ತಹಶೀಲ್ದಾರರು, ಜನನ ಮತ್ತು ಮರಣ ನೋಂದಣಾಧಿಕಾರಿಗಳು, ಹೊಳಲ್ಕೆರೆ. ಸದರಿ ಪ್ರಕರಣವು ದಿನಾಂಕ: 06-10-2025 ರಂದು ಬೆಳಿಗ್ಗೆ 11 ಗಂಟೆಗೆ ಕರೆಯಲ್ಪಟ್ಟಿದೆ.
ಅರ್ಜಿದಾರರ ಪರ ವಕೀಲರು ಶ್ರೀ.ಕೆ.ವಿಠಲನಾಥ, ವಕೀಲರು, ಹೊಳಲ್ಕೆರೆ
ಸಹಿ/- ಶಿರಸ್ತೇದಾರರು, ಹಿರಿಯ ಸಿವಿಲ್ ನ್ಯಾಯಾಧೀಶರ ನ್ಯಾಯಾಲಯ, ಹೊಳಲ್ಕೆರೆ
ದಿನಾಂಕ: 04-09-2025
Hosadigantha kannada daily Printed & Published by P.S. Prakash on behalf of Jnanabharathi Prakashana Limited. Printed at Digantha Mudrana, New Thirthahalli Road, Shivamogga - 577201
and Published at 'Madhura Nilaya', 4th Cross, Durgigudi, Park Extension, Shivamogga 577202. Ph: (08182) 401752, 8861209076. Editor : P.S. Prakash, Group Editor : Vinayak S. Bhat.
